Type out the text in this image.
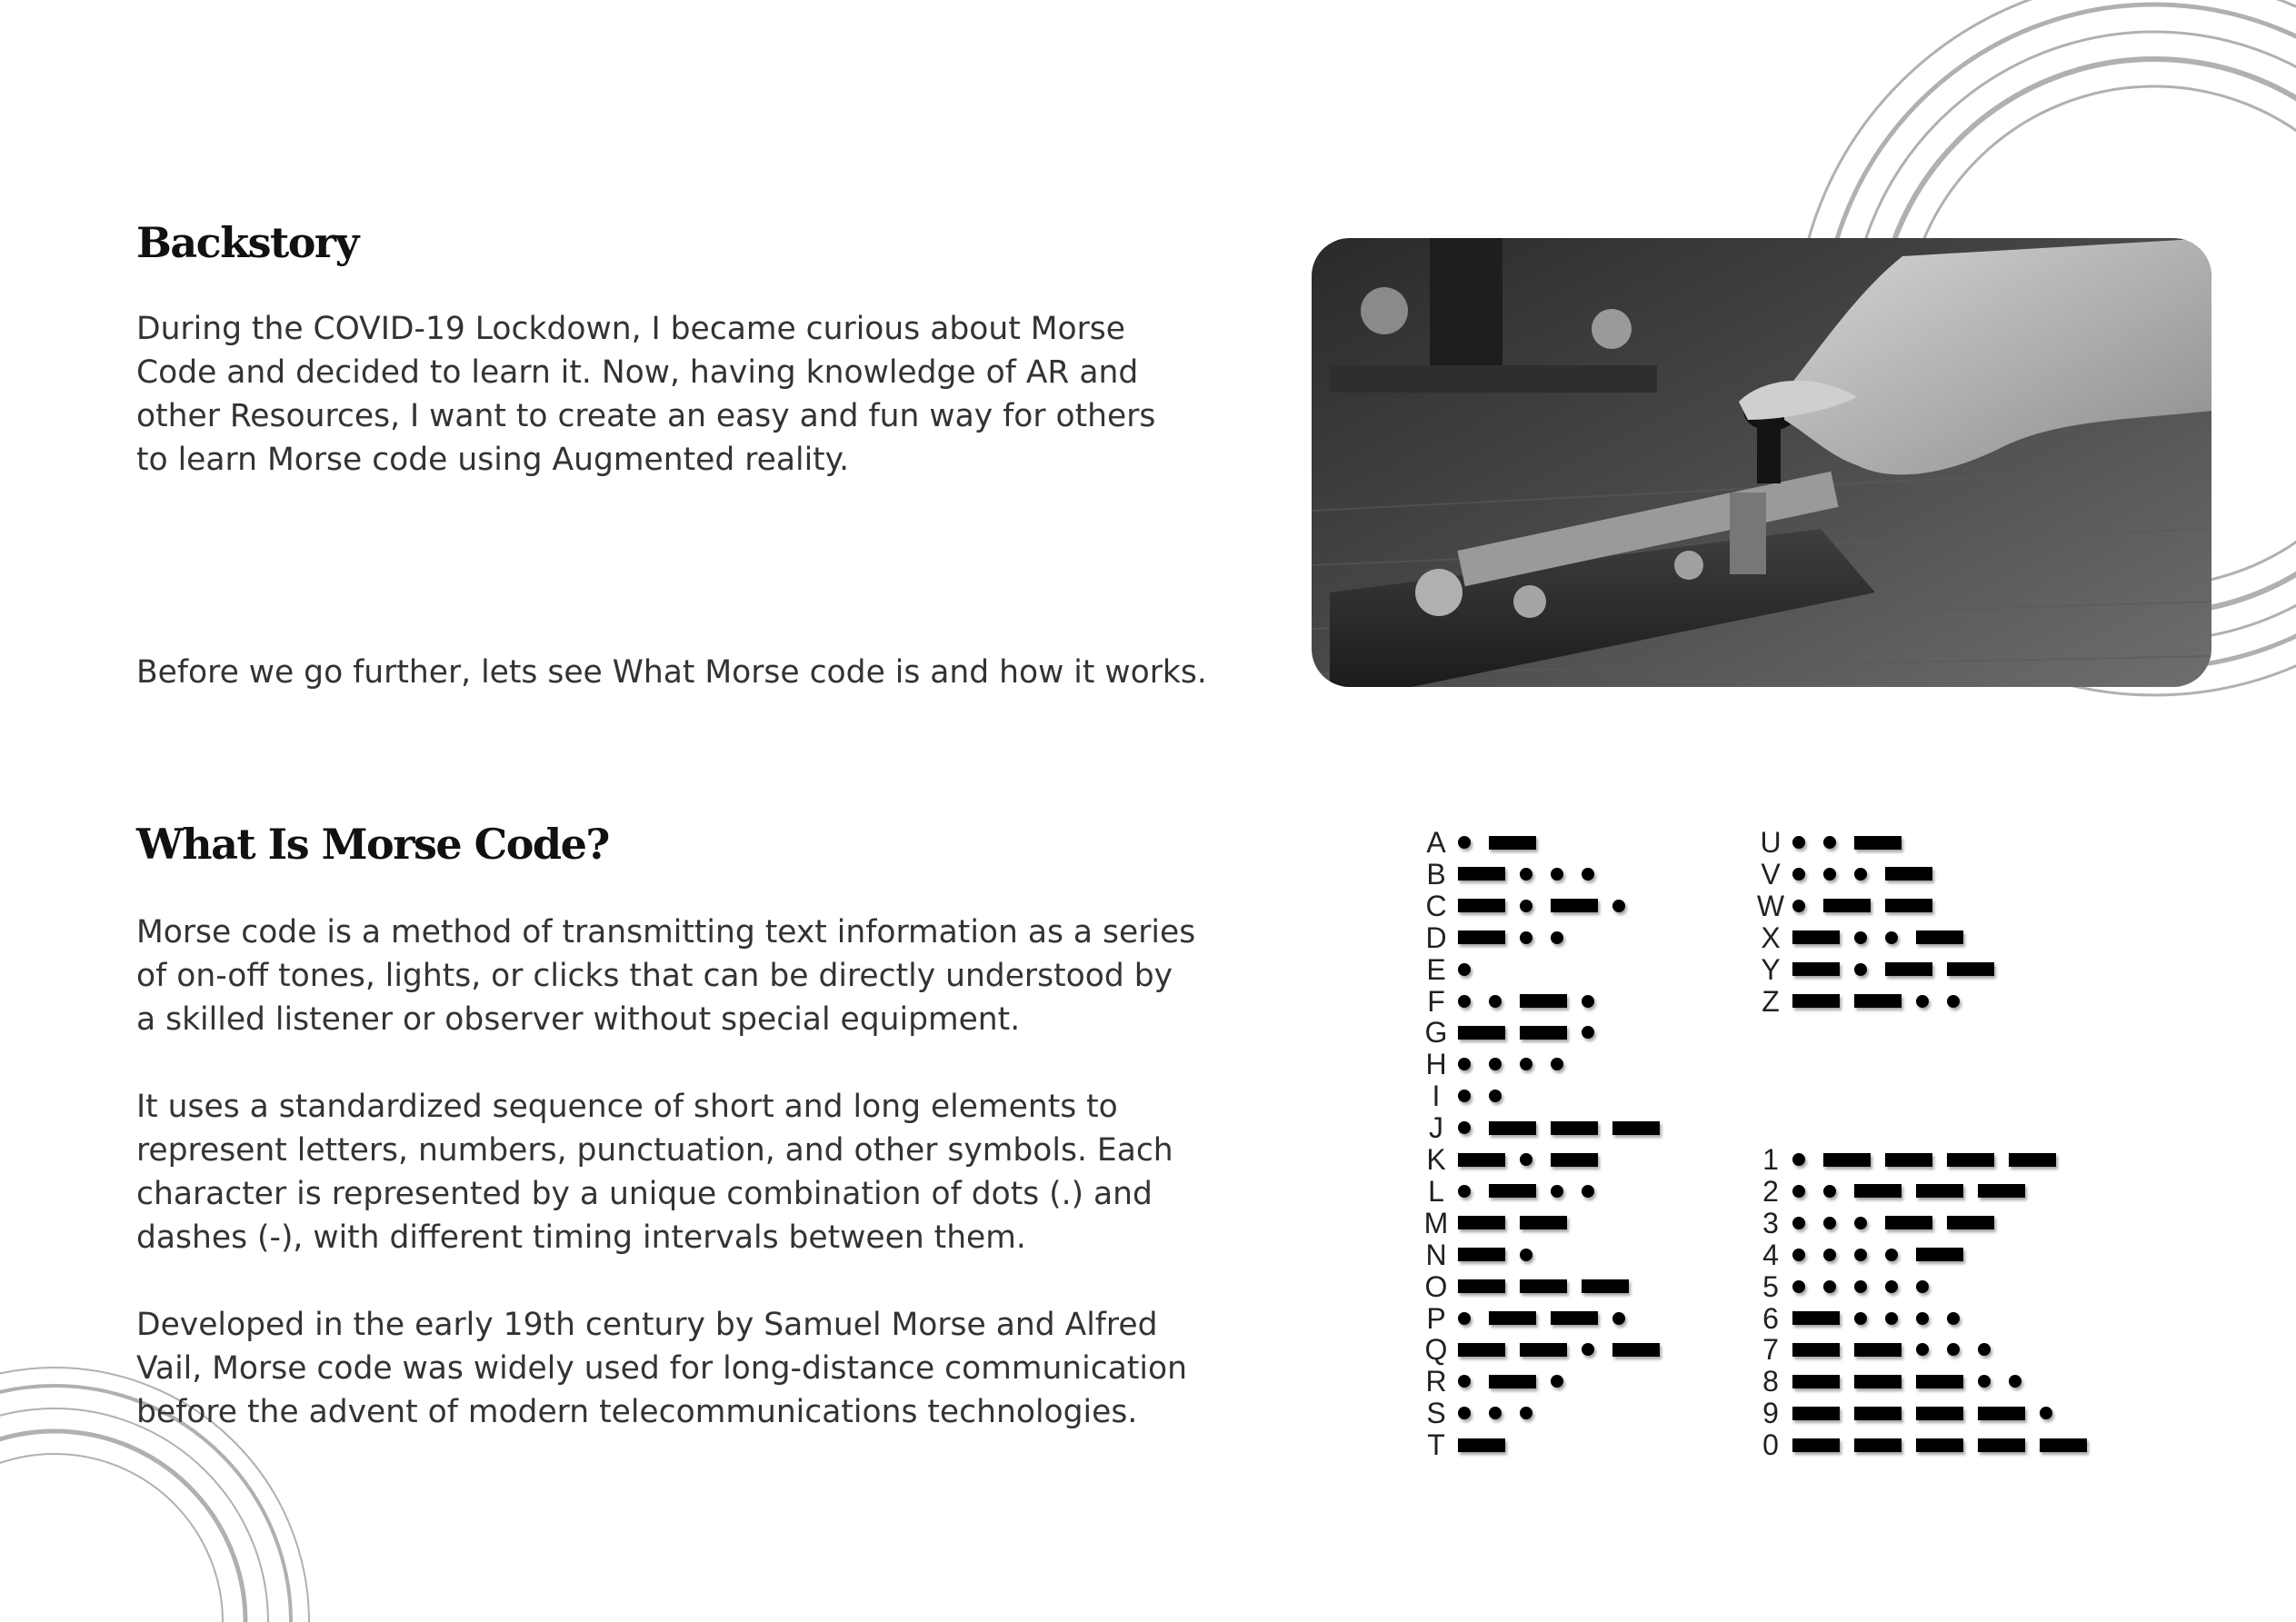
Backstory

During the COVID-19 Lockdown, I became curious about Morse Code and decided to learn it. Now, having knowledge of AR and other Resources, I want to create an easy and fun way for others to learn Morse code using Augmented reality.

Before we go further, lets see What Morse code is and how it works.

What Is Morse Code?

Morse code is a method of transmitting text information as a series of on-off tones, lights, or clicks that can be directly understood by a skilled listener or observer without special equipment.

It uses a standardized sequence of short and long elements to represent letters, numbers, punctuation, and other symbols. Each character is represented by a unique combination of dots (.) and dashes (-), with different timing intervals between them.

Developed in the early 19th century by Samuel Morse and Alfred Vail, Morse code was widely used for long-distance communication before the advent of modern telecommunications technologies.

A
B
C
D
E
F
G
H
I
J
K
L
M
N
O
P
Q
R
S
T
U
V
W
X
Y
Z
1
2
3
4
5
6
7
8
9
0
